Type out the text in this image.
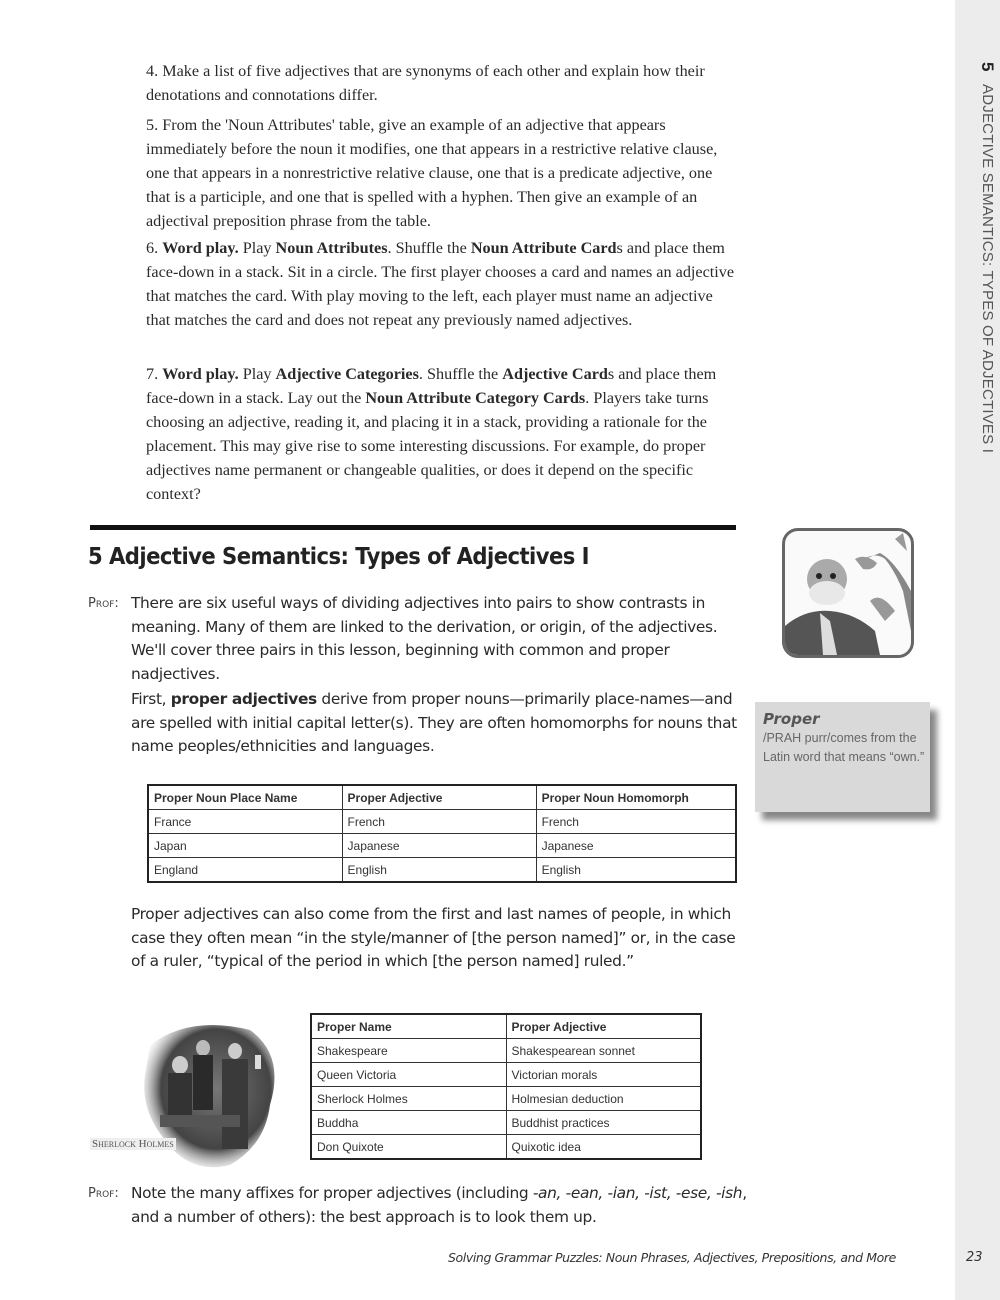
5 ADJECTIVE SEMANTICS: TYPES OF ADJECTIVES I

4. Make a list of five adjectives that are synonyms of each other and explain how their denotations and connotations differ.

5. From the 'Noun Attributes' table, give an example of an adjective that appears immediately before the noun it modifies, one that appears in a restrictive relative clause, one that appears in a nonrestrictive relative clause, one that is a predicate adjective, one that is a participle, and one that is spelled with a hyphen. Then give an example of an adjectival preposition phrase from the table.

6. Word play. Play Noun Attributes. Shuffle the Noun Attribute Cards and place them face-down in a stack. Sit in a circle. The first player chooses a card and names an adjective that matches the card. With play moving to the left, each player must name an adjective that matches the card and does not repeat any previously named adjectives.

7. Word play. Play Adjective Categories. Shuffle the Adjective Cards and place them face-down in a stack. Lay out the Noun Attribute Category Cards. Players take turns choosing an adjective, reading it, and placing it in a stack, providing a rationale for the placement. This may give rise to some interesting discussions. For example, do proper adjectives name permanent or changeable qualities, or does it depend on the specific context?

5 Adjective Semantics: Types of Adjectives I
Prof: There are six useful ways of dividing adjectives into pairs to show contrasts in meaning. Many of them are linked to the derivation, or origin, of the adjectives. We'll cover three pairs in this lesson, beginning with common and proper nadjectives.
First, proper adjectives derive from proper nouns—primarily place-names—and are spelled with initial capital letter(s). They are often homomorphs for nouns that name peoples/ethnicities and languages.
Proper Noun Place Name	Proper Adjective	Proper Noun Homomorph
France	French	French
Japan	Japanese	Japanese
England	English	English
Proper adjectives can also come from the first and last names of people, in which case they often mean “in the style/manner of [the person named]” or, in the case of a ruler, “typical of the period in which [the person named] ruled.”
Sherlock Holmes
Proper Name	Proper Adjective
Shakespeare	Shakespearean sonnet
Queen Victoria	Victorian morals
Sherlock Holmes	Holmesian deduction
Buddha	Buddhist practices
Don Quixote	Quixotic idea
Prof: Note the many affixes for proper adjectives (including -an, -ean, -ian, -ist, -ese, -ish, and a number of others): the best approach is to look them up.
Proper
/PRAH purr/comes from the Latin word that means “own.”
Solving Grammar Puzzles: Noun Phrases, Adjectives, Prepositions, and More	23
